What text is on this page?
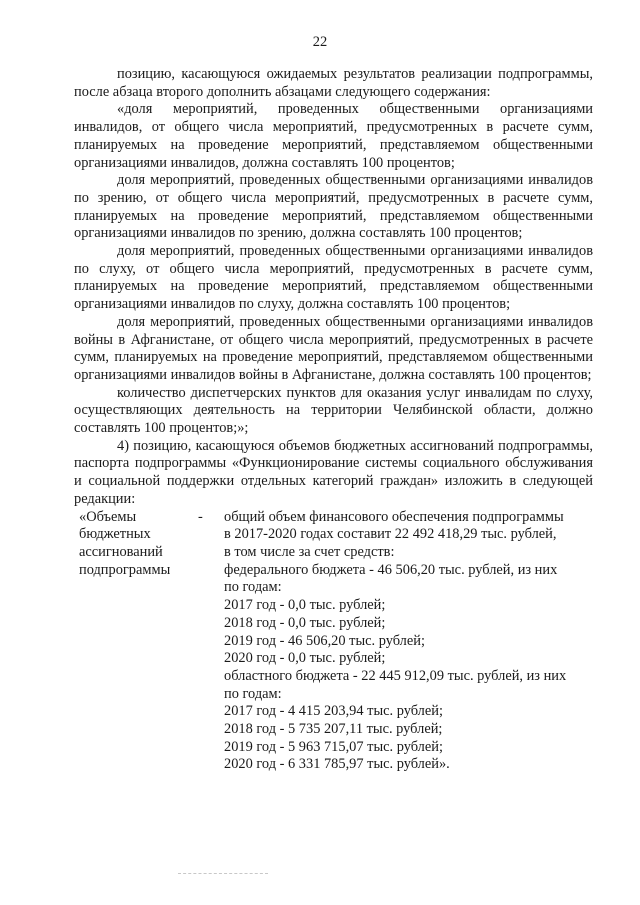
22

позицию, касающуюся ожидаемых результатов реализации подпрограммы, после абзаца второго дополнить абзацами следующего содержания:

«доля мероприятий, проведенных общественными организациями инвалидов, от общего числа мероприятий, предусмотренных в расчете сумм, планируемых на проведение мероприятий, представляемом общественными организациями инвалидов, должна составлять 100 процентов;

доля мероприятий, проведенных общественными организациями инвалидов по зрению, от общего числа мероприятий, предусмотренных в расчете сумм, планируемых на проведение мероприятий, представляемом общественными организациями инвалидов по зрению, должна составлять 100 процентов;

доля мероприятий, проведенных общественными организациями инвалидов по слуху, от общего числа мероприятий, предусмотренных в расчете сумм, планируемых на проведение мероприятий, представляемом общественными организациями инвалидов по слуху, должна составлять 100 процентов;

доля мероприятий, проведенных общественными организациями инвалидов войны в Афганистане, от общего числа мероприятий, предусмотренных в расчете сумм, планируемых на проведение мероприятий, представляемом общественными организациями инвалидов войны в Афганистане, должна составлять 100 процентов;

количество диспетчерских пунктов для оказания услуг инвалидам по слуху, осуществляющих деятельность на территории Челябинской области, должно составлять 100 процентов;»;

4) позицию, касающуюся объемов бюджетных ассигнований подпрограммы, паспорта подпрограммы «Функционирование системы социального обслуживания и социальной поддержки отдельных категорий граждан» изложить в следующей редакции:

«Объемы
бюджетных
ассигнований
подпрограммы
-	общий объем финансового обеспечения подпрограммы
в 2017-2020 годах составит 22 492 418,29 тыс. рублей,
в том числе за счет средств:
федерального бюджета - 46 506,20 тыс. рублей, из них
по годам:
2017 год - 0,0 тыс. рублей;
2018 год - 0,0 тыс. рублей;
2019 год - 46 506,20 тыс. рублей;
2020 год - 0,0 тыс. рублей;
областного бюджета - 22 445 912,09 тыс. рублей, из них
по годам:
2017 год - 4 415 203,94 тыс. рублей;
2018 год - 5 735 207,11 тыс. рублей;
2019 год - 5 963 715,07 тыс. рублей;
2020 год - 6 331 785,97 тыс. рублей».
